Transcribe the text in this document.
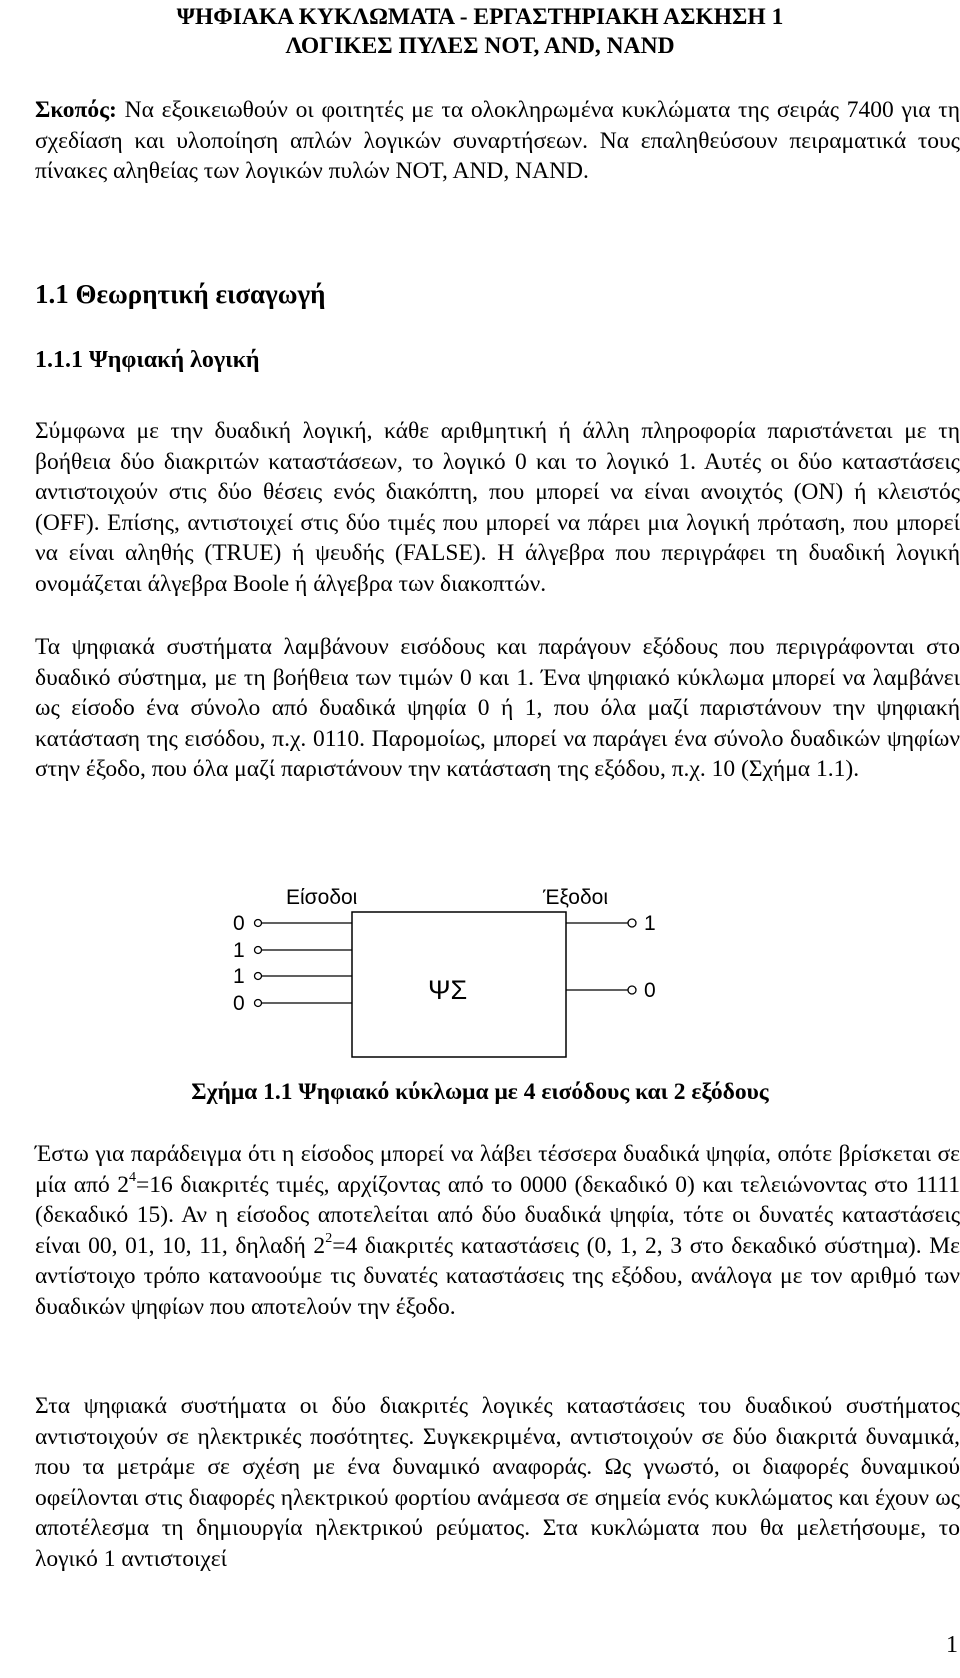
ΨΗΦΙΑΚΑ ΚΥΚΛΩΜΑΤΑ - ΕΡΓΑΣΤΗΡΙΑΚΗ ΑΣΚΗΣΗ 1
ΛΟΓΙΚΕΣ ΠΥΛΕΣ NOT, AND, NAND
Σκοπός: Να εξοικειωθούν οι φοιτητές με τα ολοκληρωμένα κυκλώματα της σειράς 7400 για τη σχεδίαση και υλοποίηση απλών λογικών συναρτήσεων. Να επαληθεύσουν πειραματικά τους πίνακες αληθείας των λογικών πυλών NOT, AND, NAND.
1.1 Θεωρητική εισαγωγή
1.1.1 Ψηφιακή λογική
Σύμφωνα με την δυαδική λογική, κάθε αριθμητική ή άλλη πληροφορία παριστάνεται με τη βοήθεια δύο διακριτών καταστάσεων, το λογικό 0 και το λογικό 1. Αυτές οι δύο καταστάσεις αντιστοιχούν στις δύο θέσεις ενός διακόπτη, που μπορεί να είναι ανοιχτός (ON) ή κλειστός (OFF). Επίσης, αντιστοιχεί στις δύο τιμές που μπορεί να πάρει μια λογική πρόταση, που μπορεί να είναι αληθής (TRUE) ή ψευδής (FALSE). Η άλγεβρα που περιγράφει τη δυαδική λογική ονομάζεται άλγεβρα Boole ή άλγεβρα των διακοπτών.
Τα ψηφιακά συστήματα λαμβάνουν εισόδους και παράγουν εξόδους που περιγράφονται στο δυαδικό σύστημα, με τη βοήθεια των τιμών 0 και 1. Ένα ψηφιακό κύκλωμα μπορεί να λαμβάνει ως είσοδο ένα σύνολο από δυαδικά ψηφία 0 ή 1, που όλα μαζί παριστάνουν την ψηφιακή κατάσταση της εισόδου, π.χ. 0110. Παρομοίως, μπορεί να παράγει ένα σύνολο δυαδικών ψηφίων στην έξοδο, που όλα μαζί παριστάνουν την κατάσταση της εξόδου, π.χ. 10 (Σχήμα 1.1).
Είσοδοι	Έξοδοι
ΨΣ
0
1
1
0
1
0
Σχήμα 1.1 Ψηφιακό κύκλωμα με 4 εισόδους και 2 εξόδους
Έστω για παράδειγμα ότι η είσοδος μπορεί να λάβει τέσσερα δυαδικά ψηφία, οπότε βρίσκεται σε μία από $2^4=16$ διακριτές τιμές, αρχίζοντας από το 0000 (δεκαδικό 0) και τελειώνοντας στο 1111 (δεκαδικό 15). Αν η είσοδος αποτελείται από δύο δυαδικά ψηφία, τότε οι δυνατές καταστάσεις είναι 00, 01, 10, 11, δηλαδή $2^2=4$ διακριτές καταστάσεις (0, 1, 2, 3 στο δεκαδικό σύστημα). Με αντίστοιχο τρόπο κατανοούμε τις δυνατές καταστάσεις της εξόδου, ανάλογα με τον αριθμό των δυαδικών ψηφίων που αποτελούν την έξοδο.
Στα ψηφιακά συστήματα οι δύο διακριτές λογικές καταστάσεις του δυαδικού συστήματος αντιστοιχούν σε ηλεκτρικές ποσότητες. Συγκεκριμένα, αντιστοιχούν σε δύο διακριτά δυναμικά, που τα μετράμε σε σχέση με ένα δυναμικό αναφοράς. Ως γνωστό, οι διαφορές δυναμικού οφείλονται στις διαφορές ηλεκτρικού φορτίου ανάμεσα σε σημεία ενός κυκλώματος και έχουν ως αποτέλεσμα τη δημιουργία ηλεκτρικού ρεύματος. Στα κυκλώματα που θα μελετήσουμε, το λογικό 1 αντιστοιχεί
1
